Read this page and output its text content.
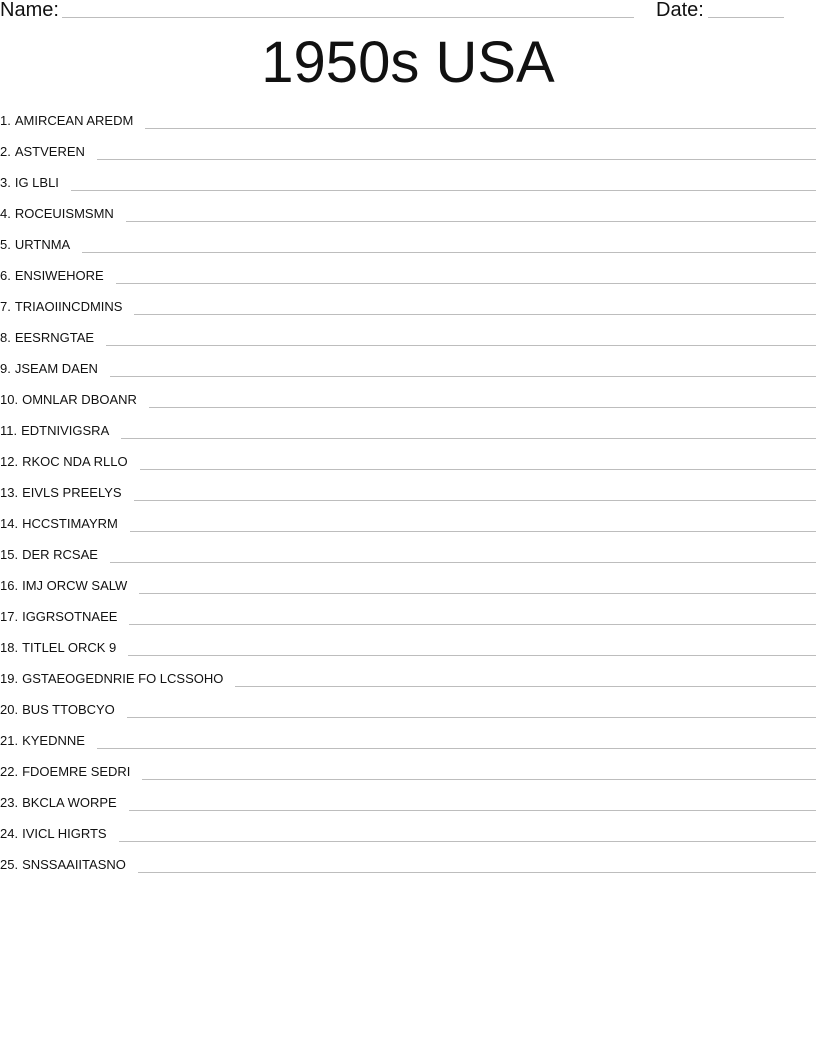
Name:	Date:
1950s USA
1. AMIRCEAN AREDM
2. ASTVEREN
3. IG LBLI
4. ROCEUISMSMN
5. URTNMA
6. ENSIWEHORE
7. TRIAOIINCDMINS
8. EESRNGTAE
9. JSEAM DAEN
10. OMNLAR DBOANR
11. EDTNIVIGSRA
12. RKOC NDA RLLO
13. EIVLS PREELYS
14. HCCSTIMAYRM
15. DER RCSAE
16. IMJ ORCW SALW
17. IGGRSOTNAEE
18. TITLEL ORCK 9
19. GSTAEOGEDNRIE FO LCSSOHO
20. BUS TTOBCYO
21. KYEDNNE
22. FDOEMRE SEDRI
23. BKCLA WORPE
24. IVICL HIGRTS
25. SNSSAAIITASNO
